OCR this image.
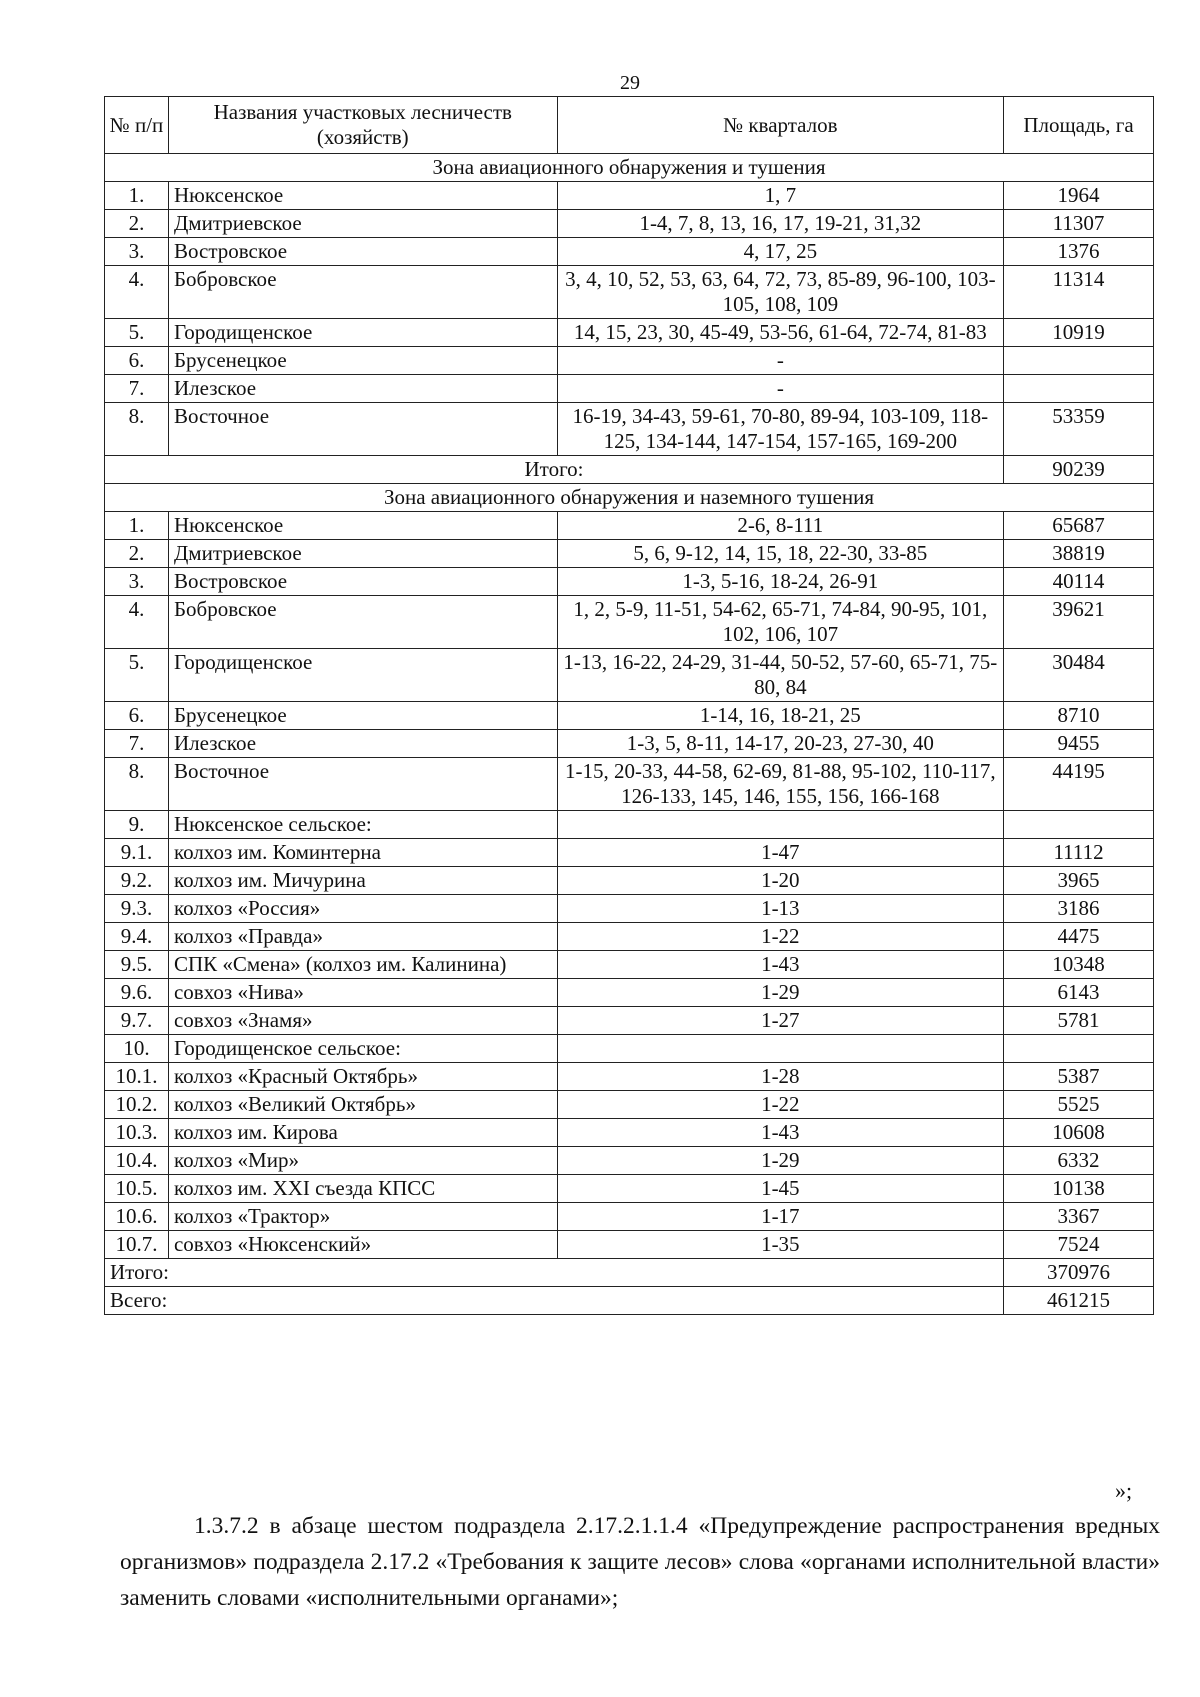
29
№ п/п	Названия участковых лесничеств (хозяйств)	№ кварталов	Площадь, га
Зона авиационного обнаружения и тушения			
1.	Нюксенское	1, 7	1964
2.	Дмитриевское	1-4, 7, 8, 13, 16, 17, 19-21, 31,32	11307
3.	Востровское	4, 17, 25	1376
4.	Бобровское	3, 4, 10, 52, 53, 63, 64, 72, 73, 85-89, 96-100, 103-105, 108, 109	11314
5.	Городищенское	14, 15, 23, 30, 45-49, 53-56, 61-64, 72-74, 81-83	10919
6.	Брусенецкое	-	
7.	Илезское	-	
8.	Восточное	16-19, 34-43, 59-61, 70-80, 89-94, 103-109, 118-125, 134-144, 147-154, 157-165, 169-200	53359
Итого:			90239
Зона авиационного обнаружения и наземного тушения			
1.	Нюксенское	2-6, 8-111	65687
2.	Дмитриевское	5, 6, 9-12, 14, 15, 18, 22-30, 33-85	38819
3.	Востровское	1-3, 5-16, 18-24, 26-91	40114
4.	Бобровское	1, 2, 5-9, 11-51, 54-62, 65-71, 74-84, 90-95, 101, 102, 106, 107	39621
5.	Городищенское	1-13, 16-22, 24-29, 31-44, 50-52, 57-60, 65-71, 75-80, 84	30484
6.	Брусенецкое	1-14, 16, 18-21, 25	8710
7.	Илезское	1-3, 5, 8-11, 14-17, 20-23, 27-30, 40	9455
8.	Восточное	1-15, 20-33, 44-58, 62-69, 81-88, 95-102, 110-117, 126-133, 145, 146, 155, 156, 166-168	44195
9.	Нюксенское сельское:		
9.1.	колхоз им. Коминтерна	1-47	11112
9.2.	колхоз им. Мичурина	1-20	3965
9.3.	колхоз «Россия»	1-13	3186
9.4.	колхоз «Правда»	1-22	4475
9.5.	СПК «Смена» (колхоз им. Калинина)	1-43	10348
9.6.	совхоз «Нива»	1-29	6143
9.7.	совхоз «Знамя»	1-27	5781
10.	Городищенское сельское:		
10.1.	колхоз «Красный Октябрь»	1-28	5387
10.2.	колхоз «Великий Октябрь»	1-22	5525
10.3.	колхоз им. Кирова	1-43	10608
10.4.	колхоз «Мир»	1-29	6332
10.5.	колхоз им. XXI съезда КПСС	1-45	10138
10.6.	колхоз «Трактор»	1-17	3367
10.7.	совхоз «Нюксенский»	1-35	7524
Итого:			370976
Всего:			461215
»;
1.3.7.2 в абзаце шестом подраздела 2.17.2.1.1.4 «Предупреждение распространения вредных организмов» подраздела 2.17.2 «Требования к защите лесов» слова «органами исполнительной власти» заменить словами «исполнительными органами»;
